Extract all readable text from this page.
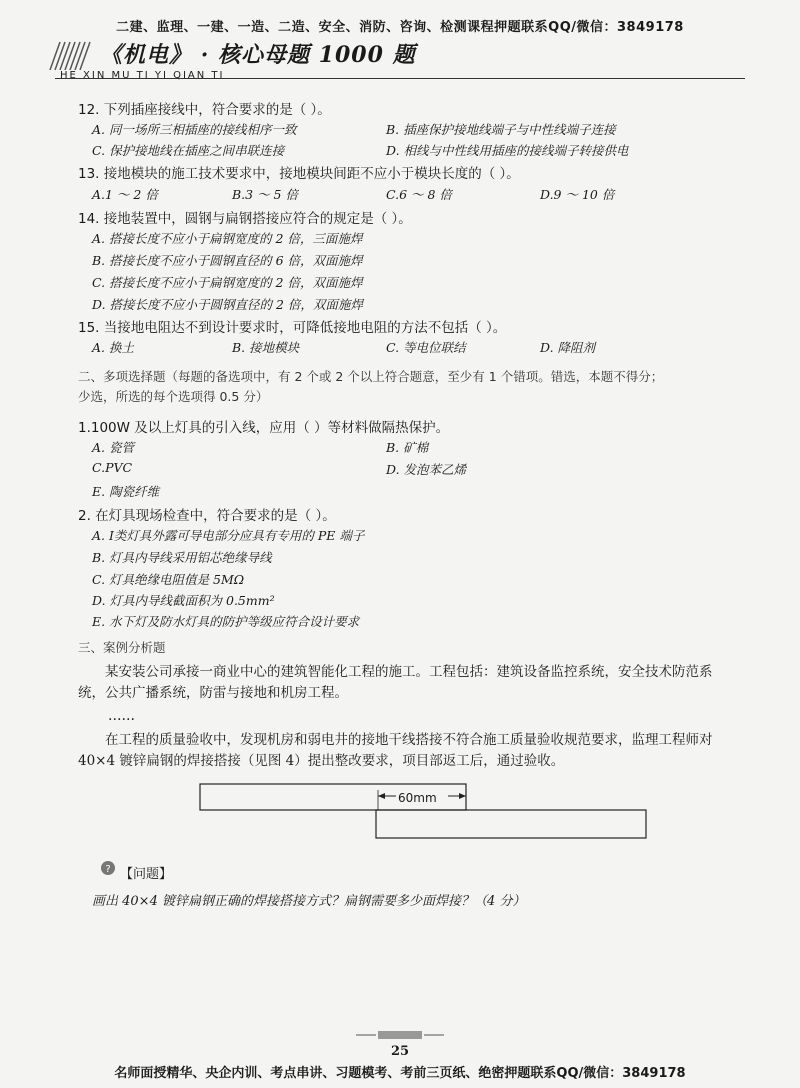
二建、监理、一建、一造、二造、安全、消防、咨询、检测课程押题联系QQ/微信：3849178
《机电》 · 核心母题 1000 题
HE XIN MU TI YI QIAN TI
12. 下列插座接线中，符合要求的是（ ）。
A. 同一场所三相插座的接线相序一致	B. 插座保护接地线端子与中性线端子连接
C. 保护接地线在插座之间串联连接	D. 相线与中性线用插座的接线端子转接供电
13. 接地模块的施工技术要求中，接地模块间距不应小于模块长度的（ ）。
A.1 ～ 2 倍	B.3 ～ 5 倍	C.6 ～ 8 倍	D.9 ～ 10 倍
14. 接地装置中，圆钢与扁钢搭接应符合的规定是（ ）。
A. 搭接长度不应小于扁钢宽度的 2 倍，三面施焊
B. 搭接长度不应小于圆钢直径的 6 倍，双面施焊
C. 搭接长度不应小于扁钢宽度的 2 倍，双面施焊
D. 搭接长度不应小于圆钢直径的 2 倍，双面施焊
15. 当接地电阻达不到设计要求时，可降低接地电阻的方法不包括（ ）。
A. 换土	B. 接地模块	C. 等电位联结	D. 降阻剂
二、多项选择题（每题的备选项中，有 2 个或 2 个以上符合题意，至少有 1 个错项。错选，本题不得分；
少选，所选的每个选项得 0.5 分）
1.100W 及以上灯具的引入线，应用（ ）等材料做隔热保护。
A. 瓷管	B. 矿棉
C.PVC	D. 发泡苯乙烯
E. 陶瓷纤维
2. 在灯具现场检查中，符合要求的是（ ）。
A. Ⅰ类灯具外露可导电部分应具有专用的 PE 端子
B. 灯具内导线采用铝芯绝缘导线
C. 灯具绝缘电阻值是 5MΩ
D. 灯具内导线截面积为 0.5mm²
E. 水下灯及防水灯具的防护等级应符合设计要求
三、案例分析题
某安装公司承接一商业中心的建筑智能化工程的施工。工程包括：建筑设备监控系统，安全技术防范系统，公共广播系统，防雷与接地和机房工程。
……
在工程的质量验收中，发现机房和弱电井的接地干线搭接不符合施工质量验收规范要求，监理工程师对 40×4 镀锌扁钢的焊接搭接（见图 4）提出整改要求，项目部返工后，通过验收。
60mm
? 【问题】
画出 40×4 镀锌扁钢正确的焊接搭接方式？扁钢需要多少面焊接？（4 分）
25
名师面授精华、央企内训、考点串讲、习题模考、考前三页纸、绝密押题联系QQ/微信：3849178
